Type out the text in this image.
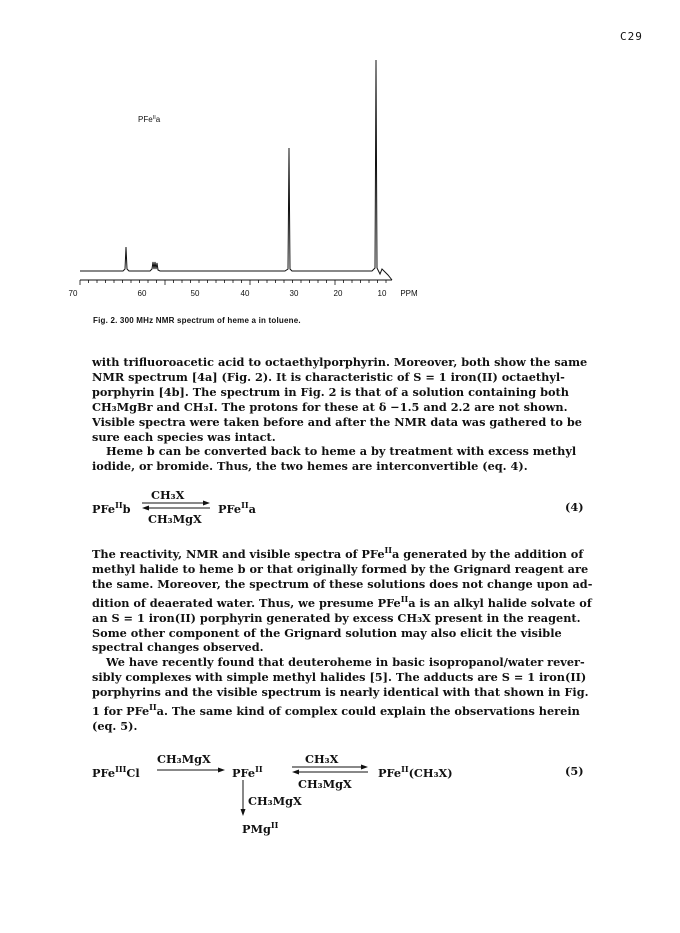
C29
PFe$^{II}$a
70	60	50	40	30	20	10 PPM
Fig. 2. 300 MHz NMR spectrum of heme a in toluene.
with trifluoroacetic acid to octaethylporphyrin. Moreover, both show the same
NMR spectrum [4a] (Fig. 2). It is characteristic of S = 1 iron(II) octaethyl-
porphyrin [4b]. The spectrum in Fig. 2 is that of a solution containing both
CH₃MgBr and CH₃I. The protons for these at δ −1.5 and 2.2 are not shown.
Visible spectra were taken before and after the NMR data was gathered to be
sure each species was intact.
Heme b can be converted back to heme a by treatment with excess methyl
iodide, or bromide. Thus, the two hemes are interconvertible (eq. 4).
PFe$^{II}$b
CH₃X
CH₃MgX
PFe$^{II}$a	(4)
The reactivity, NMR and visible spectra of PFe$^{II}$a generated by the addition of
methyl halide to heme b or that originally formed by the Grignard reagent are
the same. Moreover, the spectrum of these solutions does not change upon ad-
dition of deaerated water. Thus, we presume PFe$^{II}$a is an alkyl halide solvate of
an S = 1 iron(II) porphyrin generated by excess CH₃X present in the reagent.
Some other component of the Grignard solution may also elicit the visible
spectral changes observed.
We have recently found that deuteroheme in basic isopropanol/water rever-
sibly complexes with simple methyl halides [5]. The adducts are S = 1 iron(II)
porphyrins and the visible spectrum is nearly identical with that shown in Fig.
1 for PFe$^{II}$a. The same kind of complex could explain the observations herein
(eq. 5).
PFe$^{III}$Cl
CH₃MgX
PFe$^{II}$
CH₃X
CH₃MgX
PFe$^{II}$(CH₃X)	(5)
CH₃MgX
PMg$^{II}$
